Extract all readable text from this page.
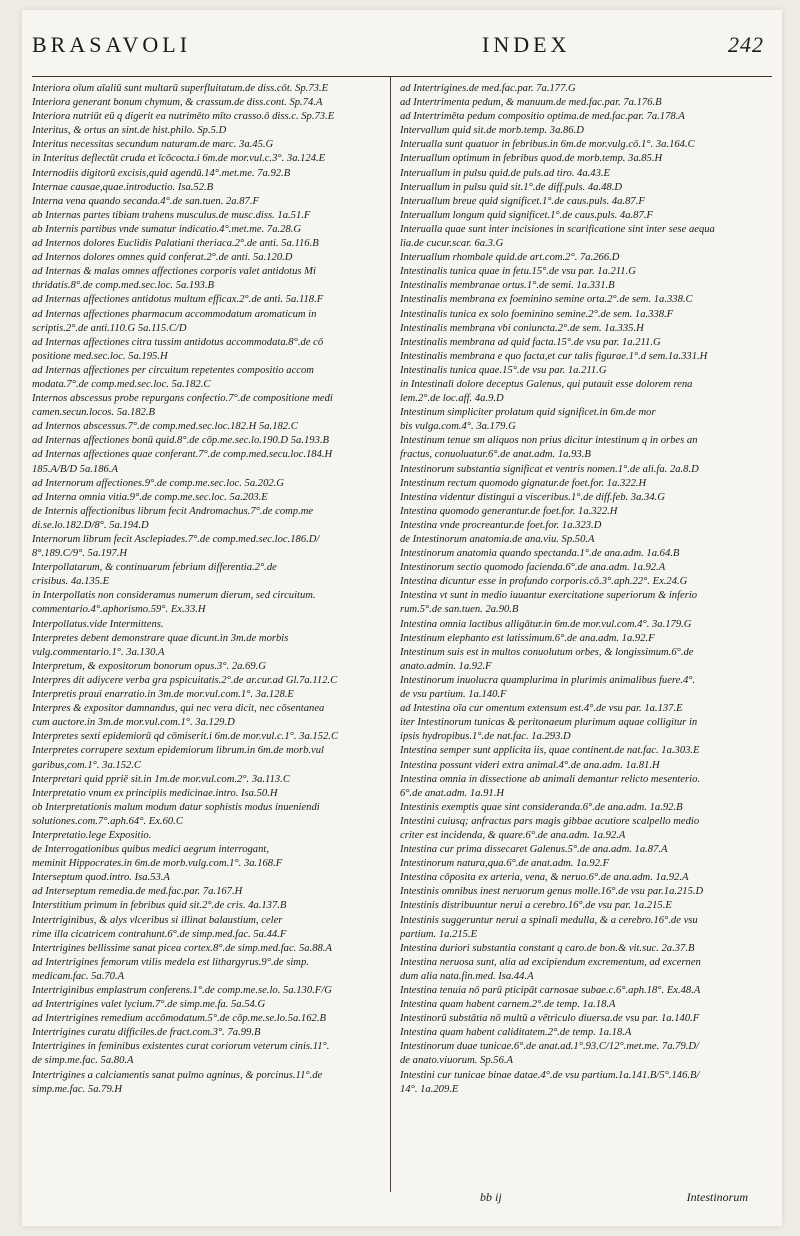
BRASAVOLI	INDEX	242
Interiora oīum aīaliū sunt multarū superfluitatum.de diss.cōt. Sp.73.E
Interiora generant bonum chymum, & crassum.de diss.cont. Sp.74.A
Interiora nutriūt eū q digerit ea nutrimēto mīto crasso.ō diss.c. Sp.73.E
Interitus, & ortus an sint.de hist.philo. Sp.5.D
Interitus necessitas secundum naturam.de marc. 3a.45.G
in Interitus deflectūt cruda et īcōcocta.i 6m.de mor.vul.c.3°. 3a.124.E
Internodiis digitorū excisis,quid agendū.14°.met.me. 7a.92.B
Internae causae,quae.introductio. Isa.52.B
Interna vena quando secanda.4°.de san.tuen. 2a.87.F
ab Internas partes tibiam trahens musculus.de musc.diss. 1a.51.F
ab Internis partibus vnde sumatur indicatio.4°.met.me. 7a.28.G
ad Internos dolores Euclidis Palatiani theriaca.2°.de anti. 5a.116.B
ad Internos dolores omnes quid conferat.2°.de anti. 5a.120.D
ad Internas & malas omnes affectiones corporis valet antidotus Mi
thridatis.8°.de comp.med.sec.loc. 5a.193.B
ad Internas affectiones antidotus multum efficax.2°.de anti. 5a.118.F
ad Internas affectiones pharmacum accommodatum aromaticum in
scriptis.2°.de anti.110.G 5a.115.C/D
ad Internas affectiones citra tussim antidotus accommodata.8°.de cō
positione med.sec.loc. 5a.195.H
ad Internas affectiones per circuitum repetentes compositio accom
modata.7°.de comp.med.sec.loc. 5a.182.C
Internos abscessus probe repurgans confectio.7°.de compositione medi
camen.secun.locos. 5a.182.B
ad Internos abscessus.7°.de comp.med.sec.loc.182.H 5a.182.C
ad Internas affectiones bonū quid.8°.de cōp.me.sec.lo.190.D 5a.193.B
ad Internas affectiones quae conferant.7°.de comp.med.secu.loc.184.H
185.A/B/D 5a.186.A
ad Internorum affectiones.9°.de comp.me.sec.loc. 5a.202.G
ad Interna omnia vitia.9°.de comp.me.sec.loc. 5a.203.E
de Internis affectionibus librum fecit Andromachus.7°.de comp.me
di.se.lo.182.D/8°. 5a.194.D
Internorum librum fecit Asclepiades.7°.de comp.med.sec.loc.186.D/
8°.189.C/9°. 5a.197.H
Interpollatarum, & continuarum febrium differentia.2°.de
crisibus. 4a.135.E
in Interpollatis non consideramus numerum dierum, sed circuitum.
commentario.4°.aphorismo.59°. Ex.33.H
Interpollatus.vide Intermittens.
Interpretes debent demonstrare quae dicunt.in 3m.de morbis
vulg.commentario.1°. 3a.130.A
Interpretum, & expositorum bonorum opus.3°. 2a.69.G
Interpres dit adiycere verba gra pspicuitatis.2°.de ar.cur.ad Gl.7a.112.C
Interpretis praui enarratio.in 3m.de mor.vul.com.1°. 3a.128.E
Interpres & expositor damnandus, qui nec vera dicit, nec cōsentanea
cum auctore.in 3m.de mor.vul.com.1°. 3a.129.D
Interpretes sexti epidemiorū qd cōmiserit.i 6m.de mor.vul.c.1°. 3a.152.C
Interpretes corrupere sextum epidemiorum librum.in 6m.de morb.vul
garibus,com.1°. 3a.152.C
Interpretari quid ppriē sit.in 1m.de mor.vul.com.2°. 3a.113.C
Interpretatio vnum ex principiis medicinae.intro. Isa.50.H
ob Interpretationis malum modum datur sophistis modus inueniendi
solutiones.com.7°.aph.64°. Ex.60.C
Interpretatio.lege Expositio.
de Interrogationibus quibus medici aegrum interrogant,
meminit Hippocrates.in 6m.de morb.vulg.com.1°. 3a.168.F
Interseptum quod.intro. Isa.53.A
ad Interseptum remedia.de med.fac.par. 7a.167.H
Interstitium primum in febribus quid sit.2°.de cris. 4a.137.B
Intertriginibus, & alys vlceribus si illinat balaustium, celer
rime illa cicatricem contrahunt.6°.de simp.med.fac. 5a.44.F
Intertrigines bellissime sanat picea cortex.8°.de simp.med.fac. 5a.88.A
ad Intertrigines femorum vtilis medela est lithargyrus.9°.de simp.
medicam.fac. 5a.70.A
Intertriginibus emplastrum conferens.1°.de comp.me.se.lo. 5a.130.F/G
ad Intertrigines valet lycium.7°.de simp.me.fa. 5a.54.G
ad Intertrigines remedium accōmodatum.5°.de cōp.me.se.lo.5a.162.B
Intertrigines curatu difficiles.de fract.com.3°. 7a.99.B
Intertrigines in feminibus existentes curat coriorum veterum cinis.11°.
de simp.me.fac. 5a.80.A
Intertrigines a calciamentis sanat pulmo agninus, & porcinus.11°.de
simp.me.fac. 5a.79.H
ad Intertrigines.de med.fac.par. 7a.177.G
ad Intertrimenta pedum, & manuum.de med.fac.par. 7a.176.B
ad Intertrimēta pedum compositio optima.de med.fac.par. 7a.178.A
Intervallum quid sit.de morb.temp. 3a.86.D
Interualla sunt quatuor in febribus.in 6m.de mor.vulg.cō.1°. 3a.164.C
Interuallum optimum in febribus quod.de morb.temp. 3a.85.H
Interuallum in pulsu quid.de puls.ad tiro. 4a.43.E
Interuallum in pulsu quid sit.1°.de diff.puls. 4a.48.D
Interuallum breue quid significet.1°.de caus.puls. 4a.87.F
Interuallum longum quid significet.1°.de caus.puls. 4a.87.F
Interualla quae sunt inter incisiones in scarificatione sint inter sese aequa
lia.de cucur.scar. 6a.3.G
Interuallum rhombale quid.de art.com.2°. 7a.266.D
Intestinalis tunica quae in fetu.15°.de vsu par. 1a.211.G
Intestinalis membranae ortus.1°.de semi. 1a.331.B
Intestinalis membrana ex foeminino semine orta.2°.de sem. 1a.338.C
Intestinalis tunica ex solo foeminino semine.2°.de sem. 1a.338.F
Intestinalis membrana vbi coniuncta.2°.de sem. 1a.335.H
Intestinalis membrana ad quid facta.15°.de vsu par. 1a.211.G
Intestinalis membrana e quo facta,et cur talis figurae.1°.d sem.1a.331.H
Intestinalis tunica quae.15°.de vsu par. 1a.211.G
in Intestinali dolore deceptus Galenus, qui putauit esse dolorem rena
lem.2°.de loc.aff. 4a.9.D
Intestinum simpliciter prolatum quid significet.in 6m.de mor
bis vulga.com.4°. 3a.179.G
Intestinum tenue sm aliquos non prius dicitur intestinum q in orbes an
fractus, conuoluatur.6°.de anat.adm. 1a.93.B
Intestinorum substantia significat et ventris nomen.1°.de ali.fa. 2a.8.D
Intestinum rectum quomodo gignatur.de foet.for. 1a.322.H
Intestina videntur distingui a visceribus.1°.de diff.feb. 3a.34.G
Intestina quomodo generantur.de foet.for. 1a.322.H
Intestina vnde procreantur.de foet.for. 1a.323.D
de Intestinorum anatomia.de ana.viu. Sp.50.A
Intestinorum anatomia quando spectanda.1°.de ana.adm. 1a.64.B
Intestinorum sectio quomodo facienda.6°.de ana.adm. 1a.92.A
Intestina dicuntur esse in profundo corporis.cō.3°.aph.22°. Ex.24.G
Intestina vt sunt in medio iuuantur exercitatione superiorum & inferio
rum.5°.de san.tuen. 2a.90.B
Intestina omnia lactibus alligātur.in 6m.de mor.vul.com.4°. 3a.179.G
Intestinum elephanto est latissimum.6°.de ana.adm. 1a.92.F
Intestinum suis est in multos conuolutum orbes, & longissimum.6°.de
anato.admin. 1a.92.F
Intestinorum inuolucra quamplurima in plurimis animalibus fuere.4°.
de vsu partium. 1a.140.F
ad Intestina oīa cur omentum extensum est.4°.de vsu par. 1a.137.E
iter Intestinorum tunicas & peritonaeum plurimum aquae colligitur in
ipsis hydropibus.1°.de nat.fac. 1a.293.D
Intestina semper sunt applicita iis, quae continent.de nat.fac. 1a.303.E
Intestina possunt videri extra animal.4°.de ana.adm. 1a.81.H
Intestina omnia in dissectione ab animali demantur relicto mesenterio.
6°.de anat.adm. 1a.91.H
Intestinis exemptis quae sint consideranda.6°.de ana.adm. 1a.92.B
Intestini cuiusq; anfractus pars magis gibbae acutiore scalpello medio
criter est incidenda, & quare.6°.de ana.adm. 1a.92.A
Intestina cur prima dissecaret Galenus.5°.de ana.adm. 1a.87.A
Intestinorum natura,qua.6°.de anat.adm. 1a.92.F
Intestina cōposita ex arteria, vena, & neruo.6°.de ana.adm. 1a.92.A
Intestinis omnibus inest neruorum genus molle.16°.de vsu par.1a.215.D
Intestinis distribuuntur nerui a cerebro.16°.de vsu par. 1a.215.E
Intestinis suggeruntur nerui a spinali medulla, & a cerebro.16°.de vsu
partium. 1a.215.E
Intestina duriori substantia constant q caro.de bon.& vit.suc. 2a.37.B
Intestina neruosa sunt, alia ad excipiendum excrementum, ad excernen
dum alia nata.fin.med. Isa.44.A
Intestina tenuia nō parū pticipāt carnosae subae.c.6°.aph.18°. Ex.48.A
Intestina quam habent carnem.2°.de temp. 1a.18.A
Intestinorū substātia nō multū a vētriculo diuersa.de vsu par. 1a.140.F
Intestina quam habent caliditatem.2°.de temp. 1a.18.A
Intestinorum duae tunicae.6°.de anat.ad.1°.93.C/12°.met.me. 7a.79.D/
de anato.viuorum. Sp.56.A
Intestini cur tunicae binae datae.4°.de vsu partium.1a.141.B/5°.146.B/
14°. 1a.209.E
bb ij	Intestinorum
